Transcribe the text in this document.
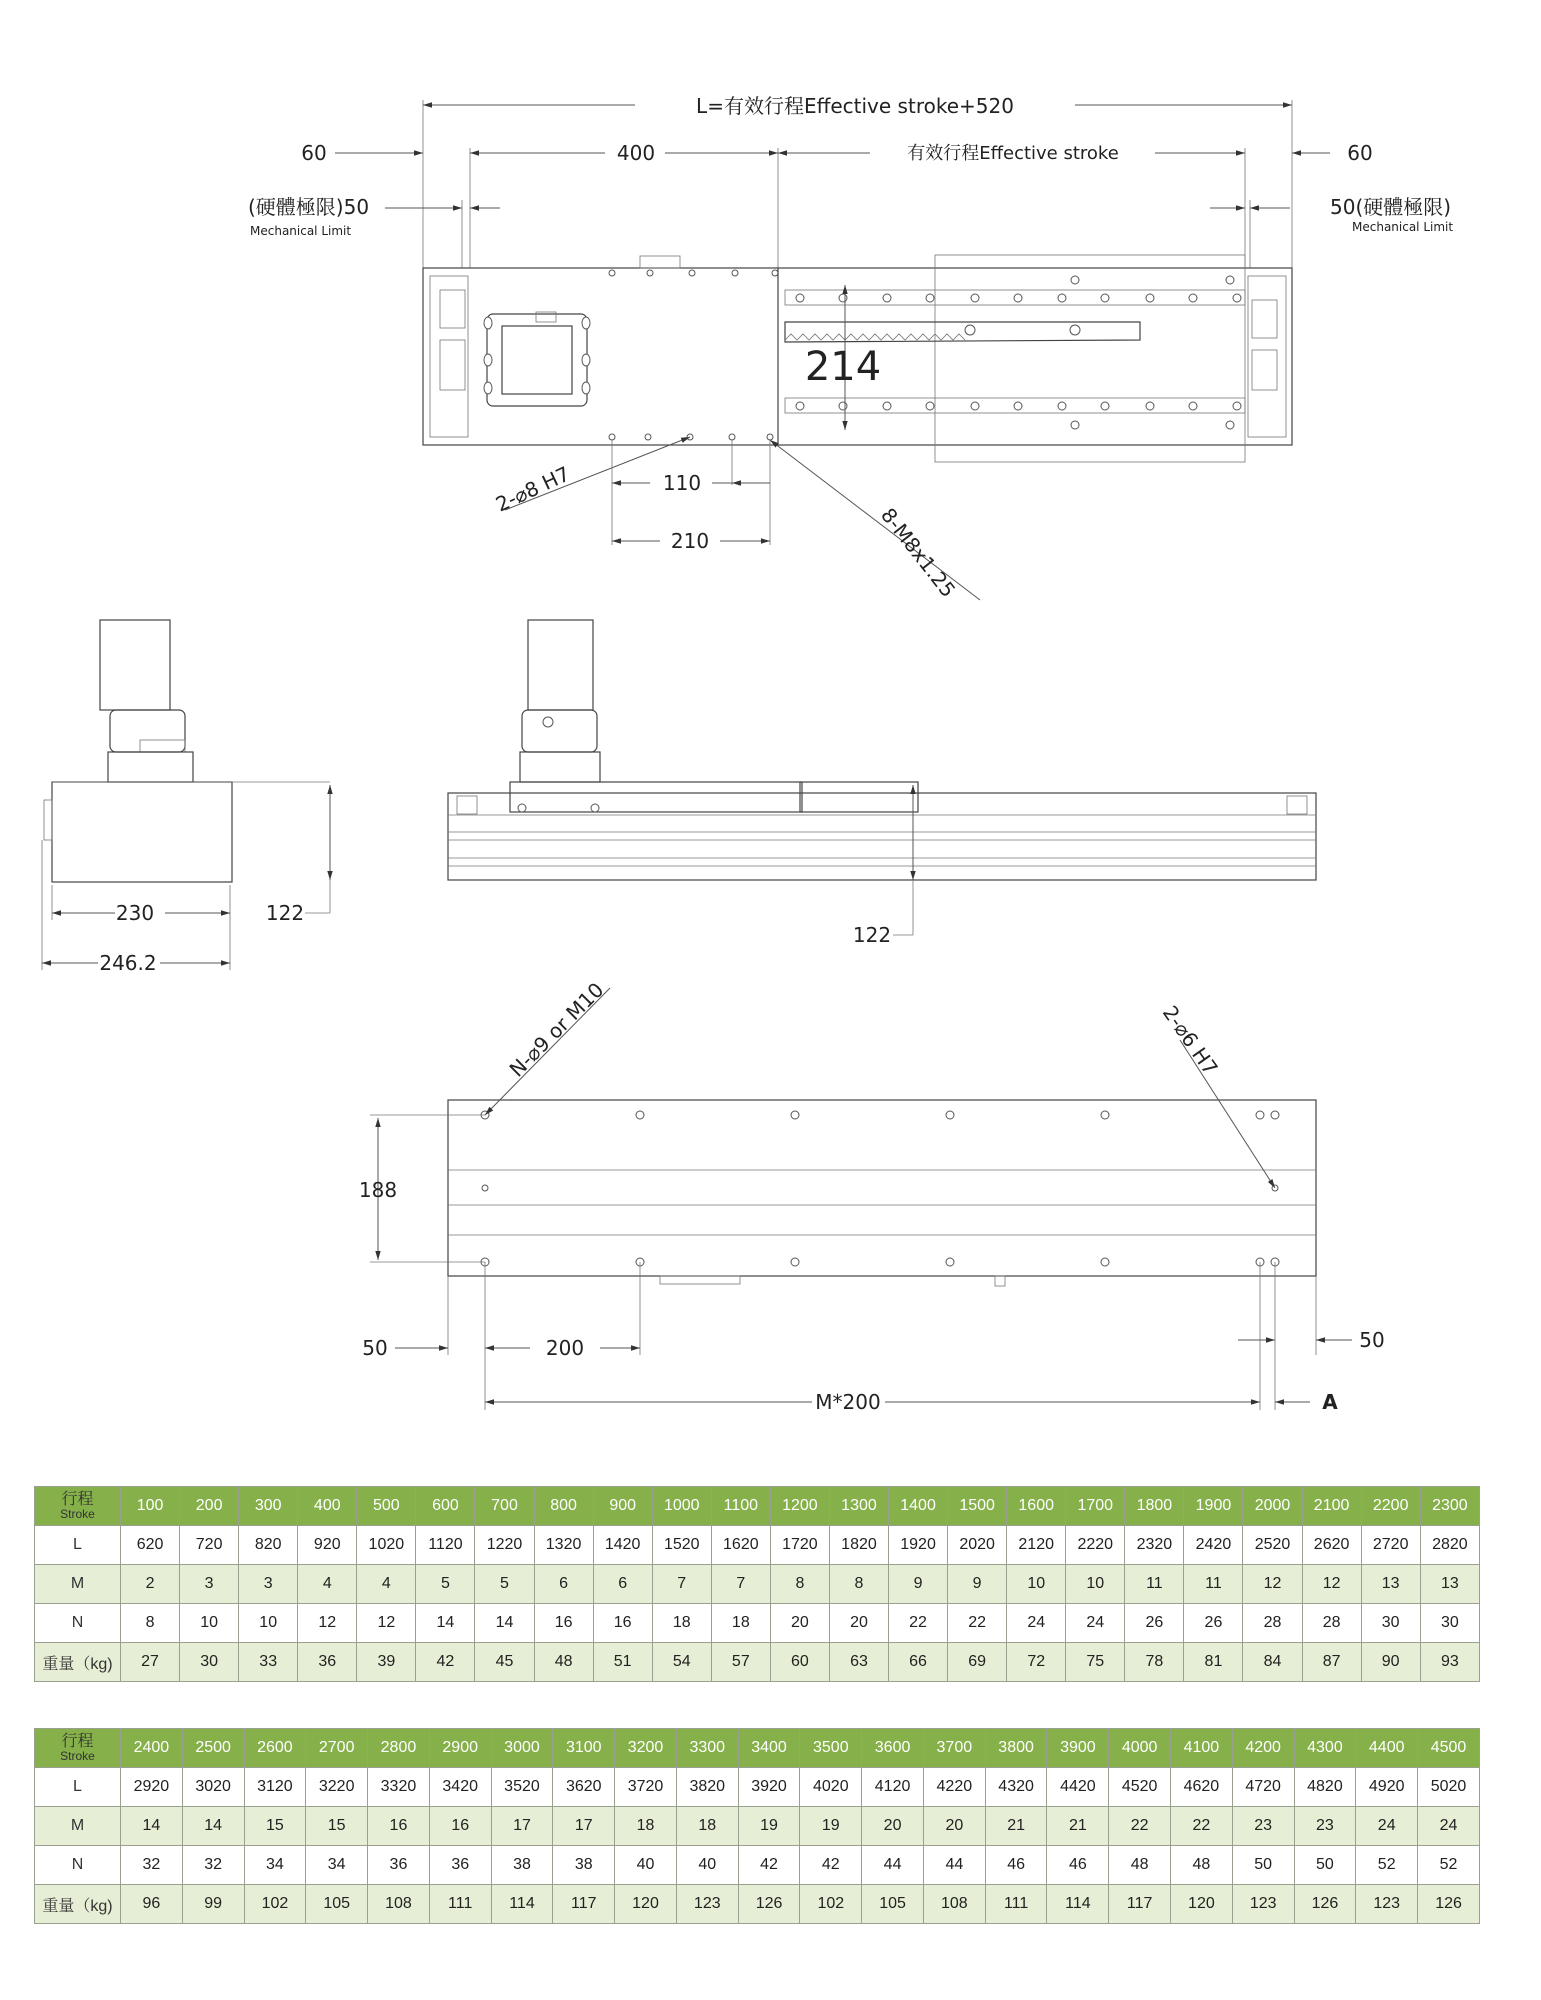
L=有效行程Effective stroke+520
60	60
400	有效行程Effective stroke
(硬體極限)50
Mechanical Limit
50(硬體極限)
Mechanical Limit
214
2-⌀8 H7
8-M8x1.25
110
210
230
246.2
122
122
N-⌀9 or M10	2-⌀6 H7
188
50	200	50
M*200	A
行程
Stroke	100	200	300	400	500	600	700	800	900	1000	1100	1200	1300	1400	1500	1600	1700	1800	1900	2000	2100	2200	2300
L	620	720	820	920	1020	1120	1220	1320	1420	1520	1620	1720	1820	1920	2020	2120	2220	2320	2420	2520	2620	2720	2820
M	2	3	3	4	4	5	5	6	6	7	7	8	8	9	9	10	10	11	11	12	12	13	13
N	8	10	10	12	12	14	14	16	16	18	18	20	20	22	22	24	24	26	26	28	28	30	30
重量（kg)	27	30	33	36	39	42	45	48	51	54	57	60	63	66	69	72	75	78	81	84	87	90	93
行程
Stroke	2400	2500	2600	2700	2800	2900	3000	3100	3200	3300	3400	3500	3600	3700	3800	3900	4000	4100	4200	4300	4400	4500
L	2920	3020	3120	3220	3320	3420	3520	3620	3720	3820	3920	4020	4120	4220	4320	4420	4520	4620	4720	4820	4920	5020
M	14	14	15	15	16	16	17	17	18	18	19	19	20	20	21	21	22	22	23	23	24	24
N	32	32	34	34	36	36	38	38	40	40	42	42	44	44	46	46	48	48	50	50	52	52
重量（kg)	96	99	102	105	108	111	114	117	120	123	126	102	105	108	111	114	117	120	123	126	123	126
